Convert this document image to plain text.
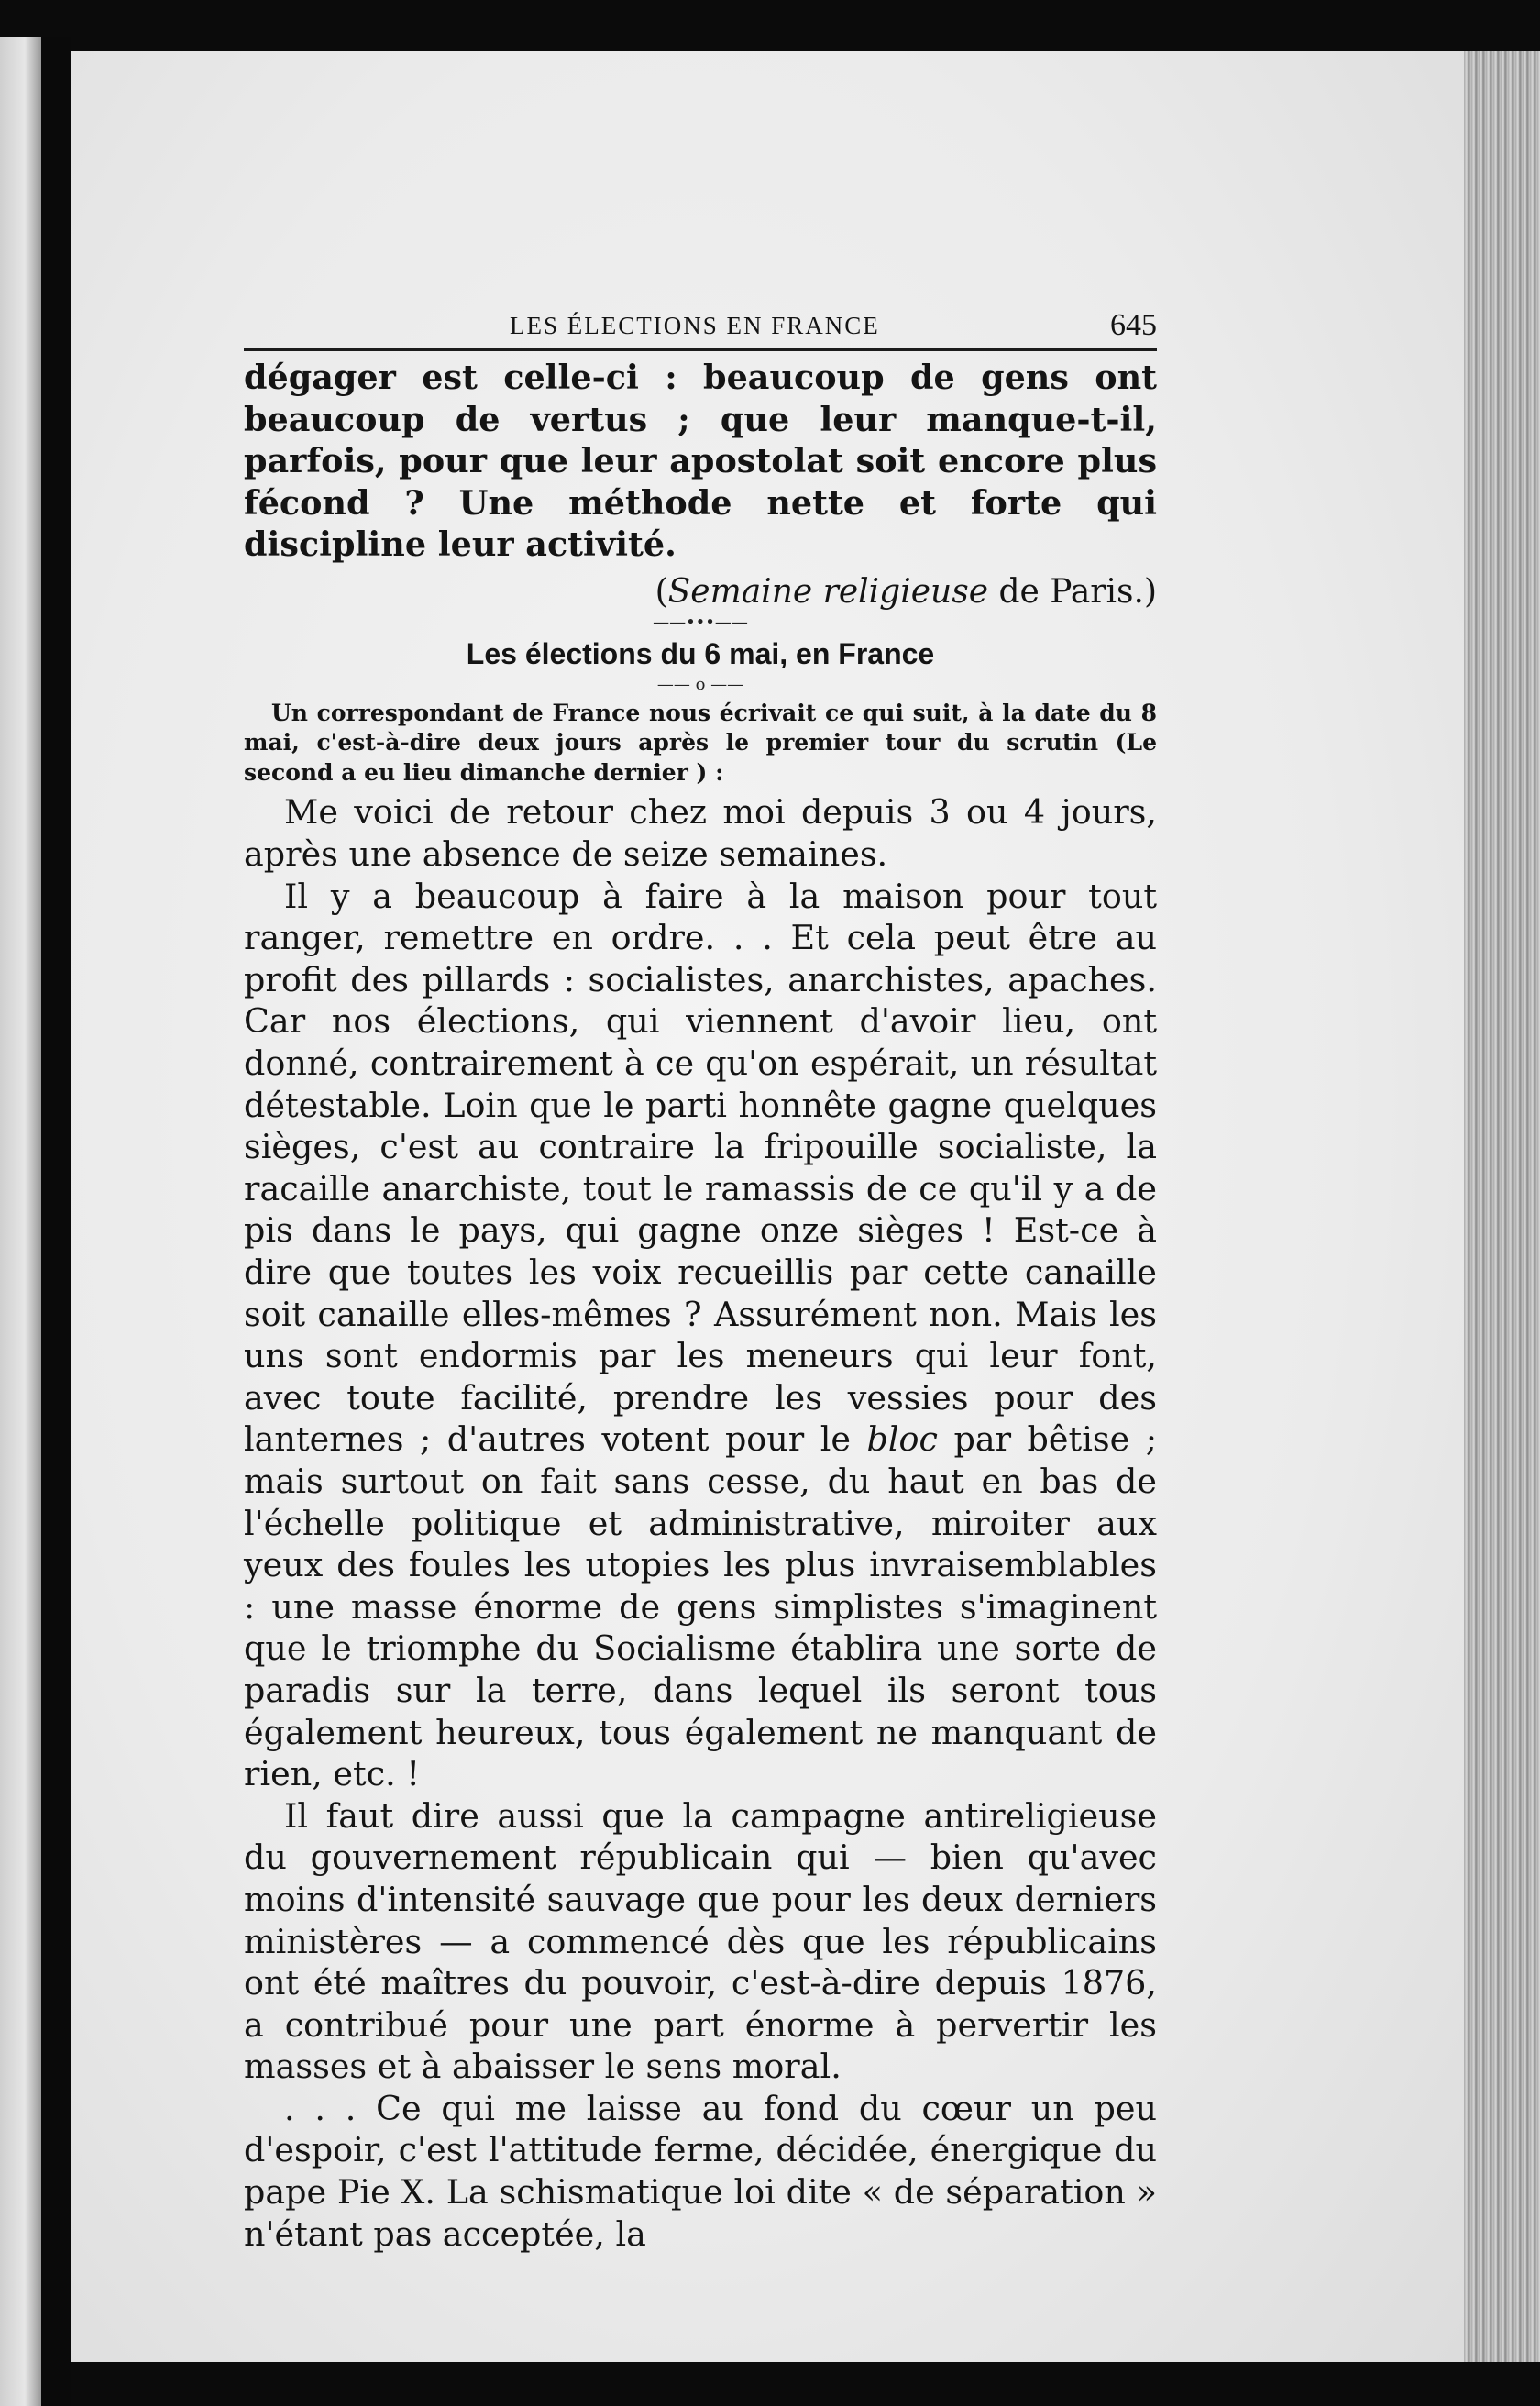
LES ÉLECTIONS EN FRANCE	645

dégager est celle-ci : beaucoup de gens ont beaucoup de vertus ; que leur manque-t-il, parfois, pour que leur apostolat soit encore plus fécond ? Une méthode nette et forte qui discipline leur activité.

(Semaine religieuse de Paris.)
——•••——
Les élections du 6 mai, en France
—— o ——

Un correspondant de France nous écrivait ce qui suit, à la date du 8 mai, c'est-à-dire deux jours après le premier tour du scrutin (Le second a eu lieu dimanche dernier ) :

Me voici de retour chez moi depuis 3 ou 4 jours, après une absence de seize semaines.

Il y a beaucoup à faire à la maison pour tout ranger, remettre en ordre. . . Et cela peut être au profit des pillards : socialistes, anarchistes, apaches. Car nos élections, qui viennent d'avoir lieu, ont donné, contrairement à ce qu'on espérait, un résultat détestable. Loin que le parti honnête gagne quelques sièges, c'est au contraire la fripouille socialiste, la racaille anarchiste, tout le ramassis de ce qu'il y a de pis dans le pays, qui gagne onze sièges ! Est-ce à dire que toutes les voix recueillis par cette canaille soit canaille elles-mêmes ? Assurément non. Mais les uns sont endormis par les meneurs qui leur font, avec toute facilité, prendre les vessies pour des lanternes ; d'autres votent pour le bloc par bêtise ; mais surtout on fait sans cesse, du haut en bas de l'échelle politique et administrative, miroiter aux yeux des foules les utopies les plus invraisemblables : une masse énorme de gens simplistes s'imaginent que le triomphe du Socialisme établira une sorte de paradis sur la terre, dans lequel ils seront tous également heureux, tous également ne manquant de rien, etc. !

Il faut dire aussi que la campagne antireligieuse du gouvernement républicain qui — bien qu'avec moins d'intensité sauvage que pour les deux derniers ministères — a commencé dès que les républicains ont été maîtres du pouvoir, c'est-à-dire depuis 1876, a contribué pour une part énorme à pervertir les masses et à abaisser le sens moral.

. . . Ce qui me laisse au fond du cœur un peu d'espoir, c'est l'attitude ferme, décidée, énergique du pape Pie X. La schismatique loi dite « de séparation » n'étant pas acceptée, la
